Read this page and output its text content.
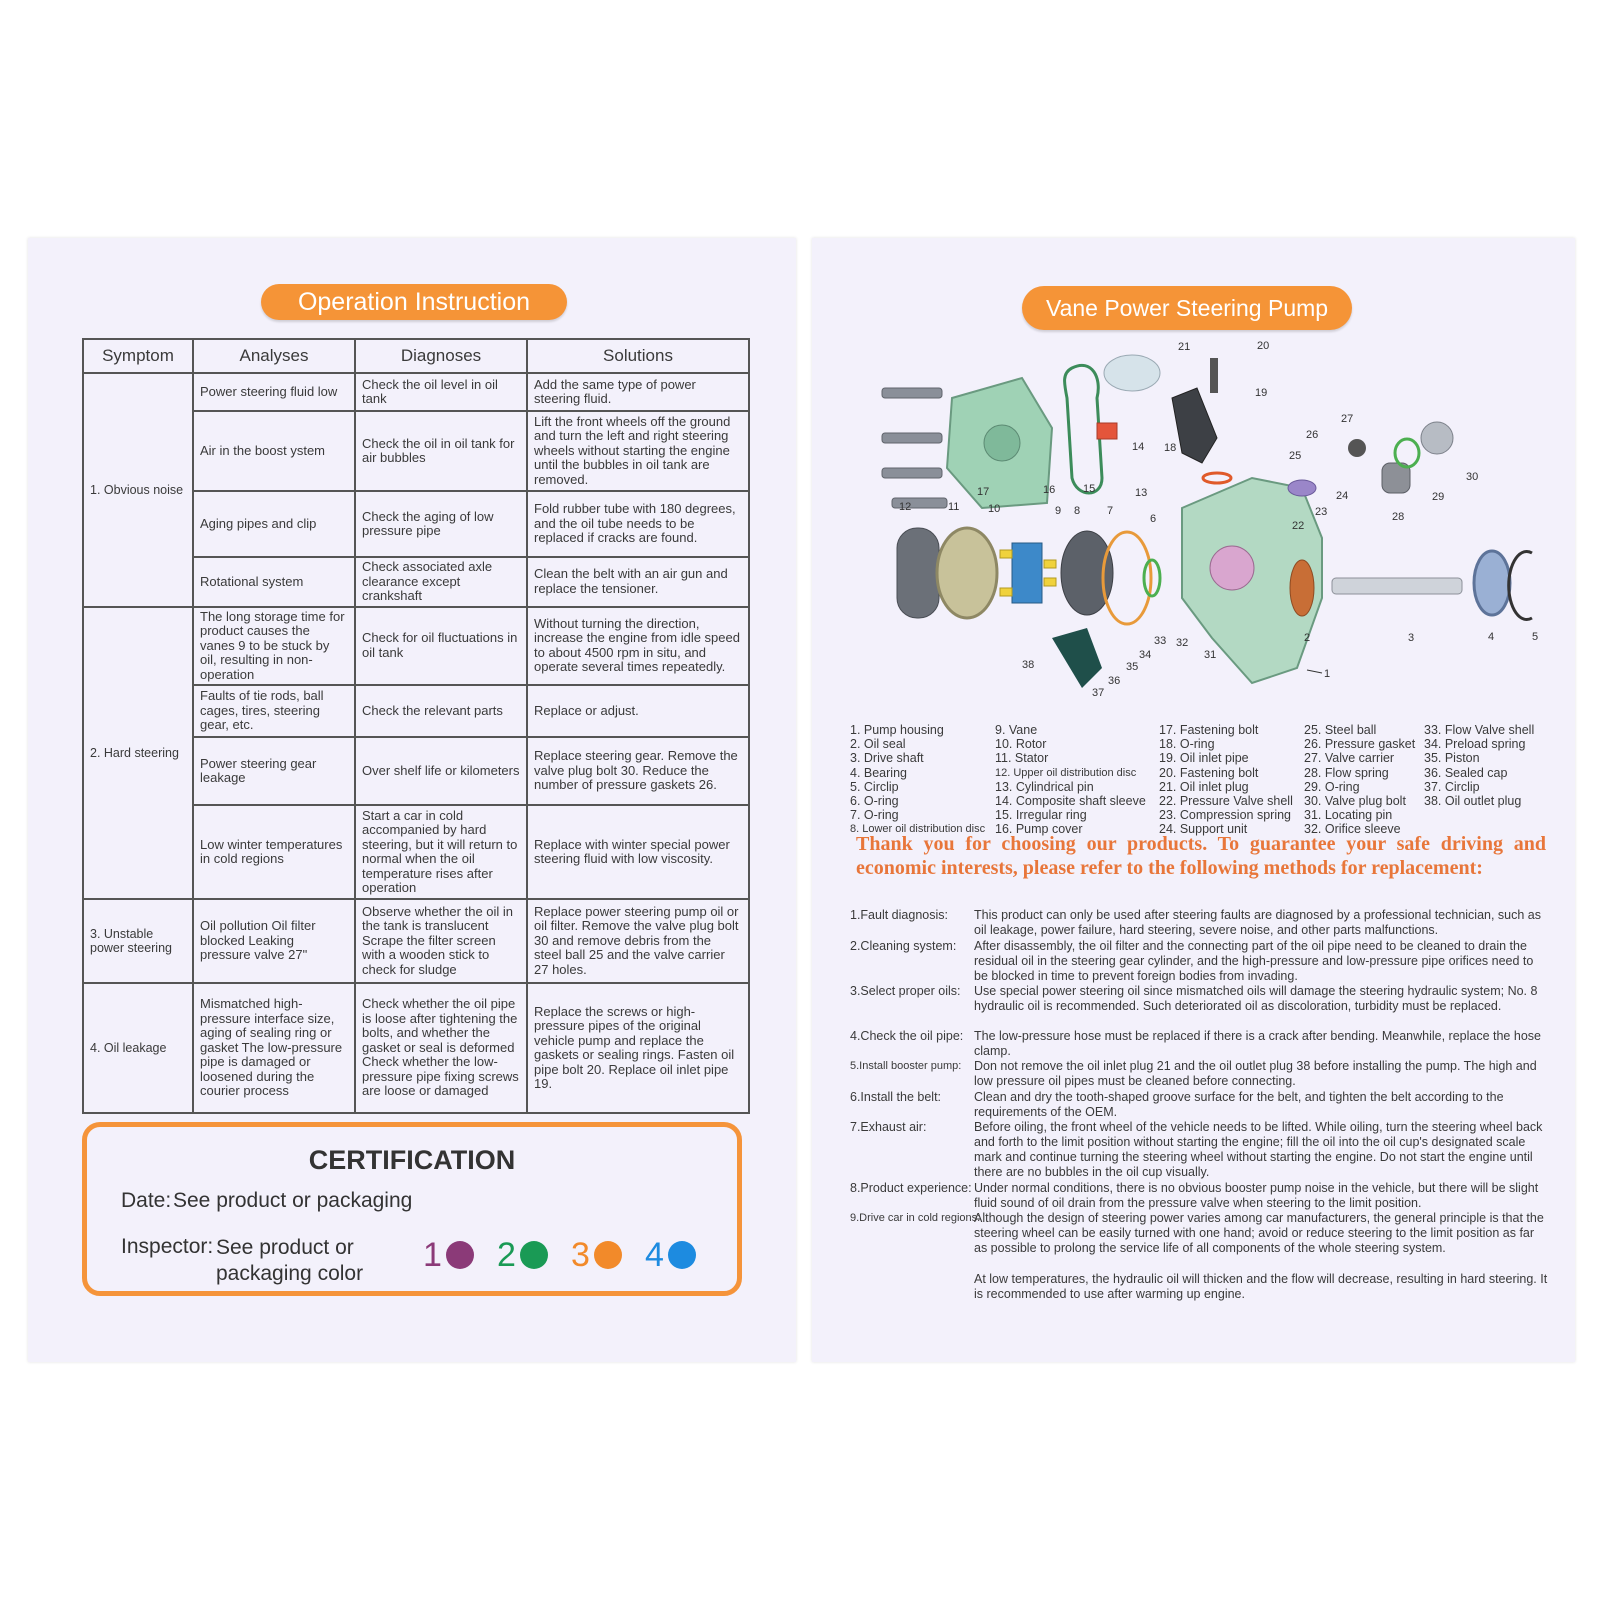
Operation Instruction
Symptom	Analyses	Diagnoses	Solutions
1. Obvious noise	Power steering fluid low	Check the oil level in oil tank	Add the same type of power steering fluid.
	Air in the boost ystem	Check the oil in oil tank for air bubbles	Lift the front wheels off the ground and turn the left and right steering wheels without starting the engine until the bubbles in oil tank are removed.
	Aging pipes and clip	Check the aging of low pressure pipe	Fold rubber tube with 180 degrees, and the oil tube needs to be replaced if cracks are found.
	Rotational system	Check associated axle clearance except crankshaft	Clean the belt with an air gun and replace the tensioner.
2. Hard steering	The long storage time for product causes the vanes 9 to be stuck by oil, resulting in non-operation	Check for oil fluctuations in oil tank	Without turning the direction, increase the engine from idle speed to about 4500 rpm in situ, and operate several times repeatedly.
	Faults of tie rods, ball cages, tires, steering gear, etc.	Check the relevant parts	Replace or adjust.
	Power steering gear leakage	Over shelf life or kilometers	Replace steering gear. Remove the valve plug bolt 30. Reduce the number of pressure gaskets 26.
	Low winter temperatures in cold regions	Start a car in cold accompanied by hard steering, but it will return to normal when the oil temperature rises after operation	Replace with winter special power steering fluid with low viscosity.
3. Unstable power steering	Oil pollution Oil filter blocked Leaking pressure valve 27"	Observe whether the oil in the tank is translucent Scrape the filter screen with a wooden stick to check for sludge	Replace power steering pump oil or oil filter. Remove the valve plug bolt 30 and remove debris from the steel ball 25 and the valve carrier 27 holes.
4. Oil leakage	Mismatched high-pressure interface size, aging of sealing ring or gasket The low-pressure pipe is damaged or loosened during the courier process	Check whether the oil pipe is loose after tightening the bolts, and whether the gasket or seal is deformed Check whether the low-pressure pipe fixing screws are loose or damaged	Replace the screws or high-pressure pipes of the original vehicle pump and replace the gaskets or sealing rings. Fasten oil pipe bolt 20. Replace oil inlet pipe 19.
CERTIFICATION
Date: See product or packaging
Inspector: See product or packaging color	1 2 3 4
Vane Power Steering Pump
1
2	3	4	5
6
7
8
9
10
11
12
13
14
15
16
17
18
19
20
21
22
23
24
25
26
27
28
29
30
31
32
33
34
35
36
37
38
1. Pump housing
2. Oil seal
3. Drive shaft
4. Bearing
5. Circlip
6. O-ring
7. O-ring
8. Lower oil distribution disc
9. Vane
10. Rotor
11. Stator
12. Upper oil distribution disc
13. Cylindrical pin
14. Composite shaft sleeve
15. Irregular ring
16. Pump cover
17. Fastening bolt
18. O-ring
19. Oil inlet pipe
20. Fastening bolt
21. Oil inlet plug
22. Pressure Valve shell
23. Compression spring
24. Support unit
25. Steel ball
26. Pressure gasket
27. Valve carrier
28. Flow spring
29. O-ring
30. Valve plug bolt
31. Locating pin
32. Orifice sleeve
33. Flow Valve shell
34. Preload spring
35. Piston
36. Sealed cap
37. Circlip
38. Oil outlet plug
Thank you for choosing our products. To guarantee your safe driving and economic interests, please refer to the following methods for replacement:
1.Fault diagnosis:	This product can only be used after steering faults are diagnosed by a professional technician, such as oil leakage, power failure, hard steering, severe noise, and other parts malfunctions.
2.Cleaning system:	After disassembly, the oil filter and the connecting part of the oil pipe need to be cleaned to drain the residual oil in the steering gear cylinder, and the high-pressure and low-pressure pipe orifices need to be blocked in time to prevent foreign bodies from invading.
3.Select proper oils:	Use special power steering oil since mismatched oils will damage the steering hydraulic system; No. 8 hydraulic oil is recommended. Such deteriorated oil as discoloration, turbidity must be replaced.
4.Check the oil pipe: The low-pressure hose must be replaced if there is a crack after bending. Meanwhile, replace the hose clamp.
5.Install booster pump:	Don not remove the oil inlet plug 21 and the oil outlet plug 38 before installing the pump. The high and low pressure oil pipes must be cleaned before connecting.
6.Install the belt:	Clean and dry the tooth-shaped groove surface for the belt, and tighten the belt according to the requirements of the OEM.
7.Exhaust air:	Before oiling, the front wheel of the vehicle needs to be lifted. While oiling, turn the steering wheel back and forth to the limit position without starting the engine; fill the oil into the oil cup's designated scale mark and continue turning the steering wheel without starting the engine. Do not start the engine until there are no bubbles in the oil cup visually.
8.Product experience: Under normal conditions, there is no obvious booster pump noise in the vehicle, but there will be slight fluid sound of oil drain from the pressure valve when steering to the limit position.
9.Drive car in cold regions:
Although the design of steering power varies among car manufacturers, the general principle is that the steering wheel can be easily turned with one hand; avoid or reduce steering to the limit position as far as possible to prolong the service life of all components of the whole steering system.
At low temperatures, the hydraulic oil will thicken and the flow will decrease, resulting in hard steering. It is recommended to use after warming up engine.
